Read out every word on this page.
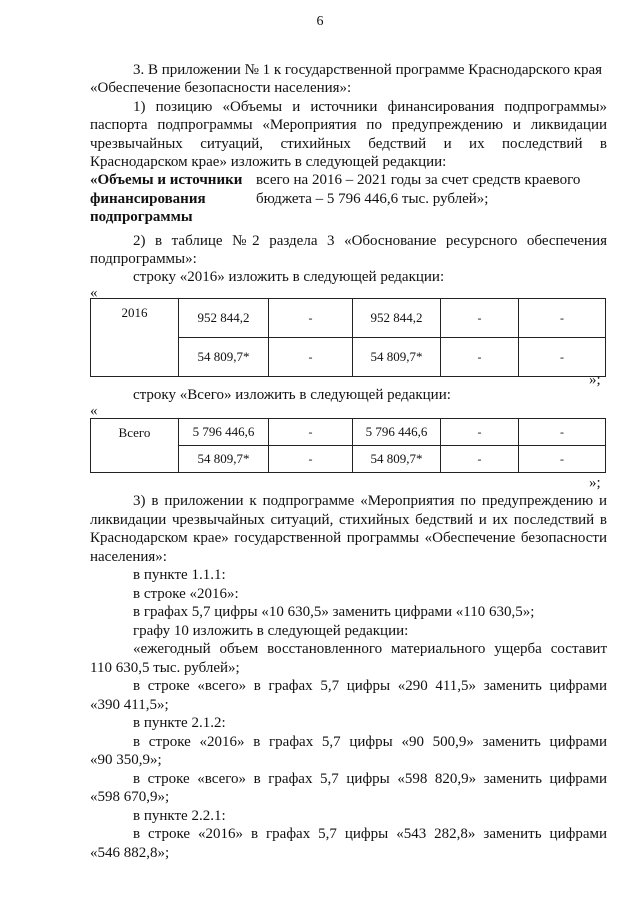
6
3. В приложении № 1 к государственной программе Краснодарского края
«Обеспечение безопасности населения»:
1) позицию «Объемы и источники финансирования подпрограммы»
паспорта подпрограммы «Мероприятия по предупреждению и ликвидации
чрезвычайных ситуаций, стихийных бедствий и их последствий в
Краснодарском крае» изложить в следующей редакции:
«Объемы и источники
финансирования
подпрограммы
всего на 2016 – 2021 годы за счет средств краевого
бюджета – 5 796 446,6 тыс. рублей»;
2) в таблице №2 раздела 3 «Обоснование ресурсного обеспечения
подпрограммы»:
строку «2016» изложить в следующей редакции:
«
2016	952 844,2	-	952 844,2	-	-
	54 809,7*	-	54 809,7*	-	-
»;
строку «Всего» изложить в следующей редакции:
«
Всего	5 796 446,6	-	5 796 446,6	-	-
	54 809,7*	-	54 809,7*	-	-
»;
3) в приложении к подпрограмме «Мероприятия по предупреждению и
ликвидации чрезвычайных ситуаций, стихийных бедствий и их последствий в
Краснодарском крае» государственной программы «Обеспечение безопасности
населения»:
в пункте 1.1.1:
в строке «2016»:
в графах 5,7 цифры «10 630,5» заменить цифрами «110 630,5»;
графу 10 изложить в следующей редакции:
«ежегодный объем восстановленного материального ущерба составит
110 630,5 тыс. рублей»;
в строке «всего» в графах 5,7 цифры «290 411,5» заменить цифрами
«390 411,5»;
в пункте 2.1.2:
в строке «2016» в графах 5,7 цифры «90 500,9» заменить цифрами
«90 350,9»;
в строке «всего» в графах 5,7 цифры «598 820,9» заменить цифрами
«598 670,9»;
в пункте 2.2.1:
в строке «2016» в графах 5,7 цифры «543 282,8» заменить цифрами
«546 882,8»;
